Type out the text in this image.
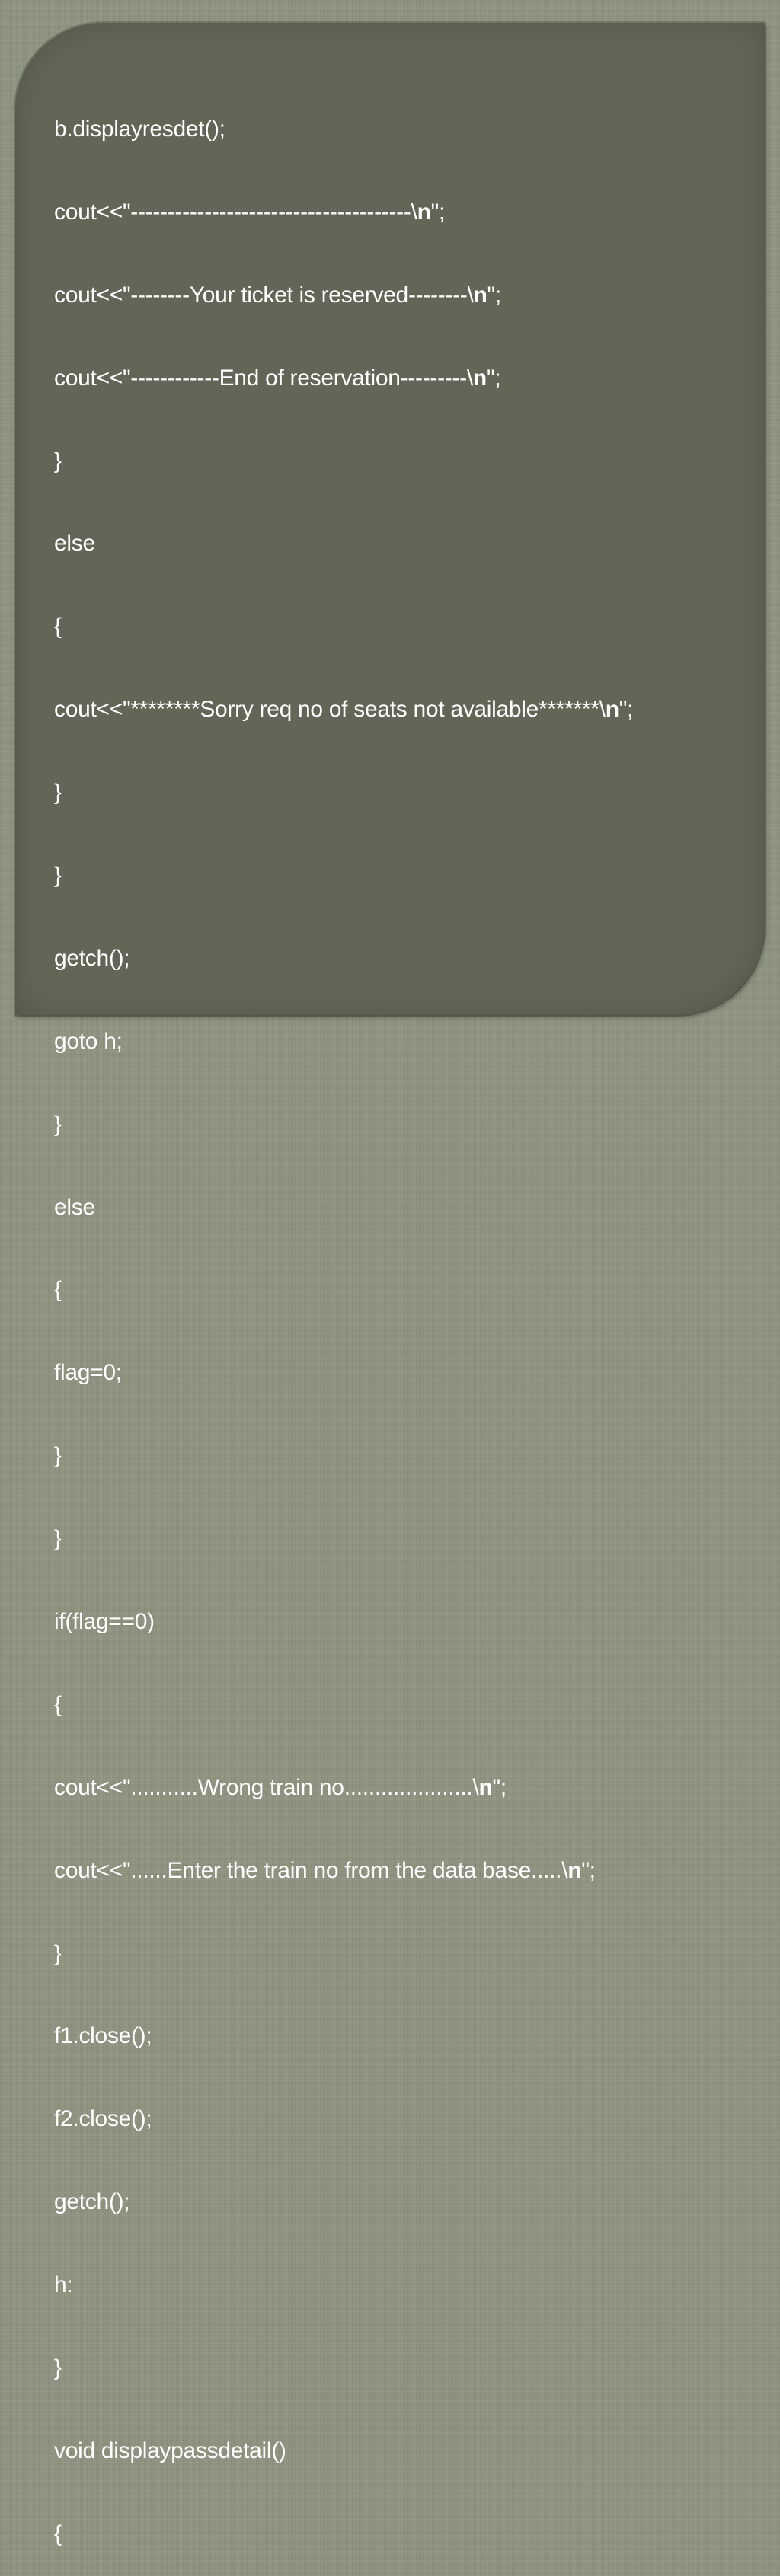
b.displayresdet();

cout<<"--------------------------------------\n";

cout<<"--------Your ticket is reserved--------\n";

cout<<"------------End of reservation---------\n";

}

else

{

cout<<"********Sorry req no of seats not available*******\n";

}

}

getch();

goto h;

}

else

{

flag=0;

}

}

if(flag==0)

{

cout<<"...........Wrong train no.....................\n";

cout<<"......Enter the train no from the data base.....\n";

}

f1.close();

f2.close();

getch();

h:

}

void displaypassdetail()

{
